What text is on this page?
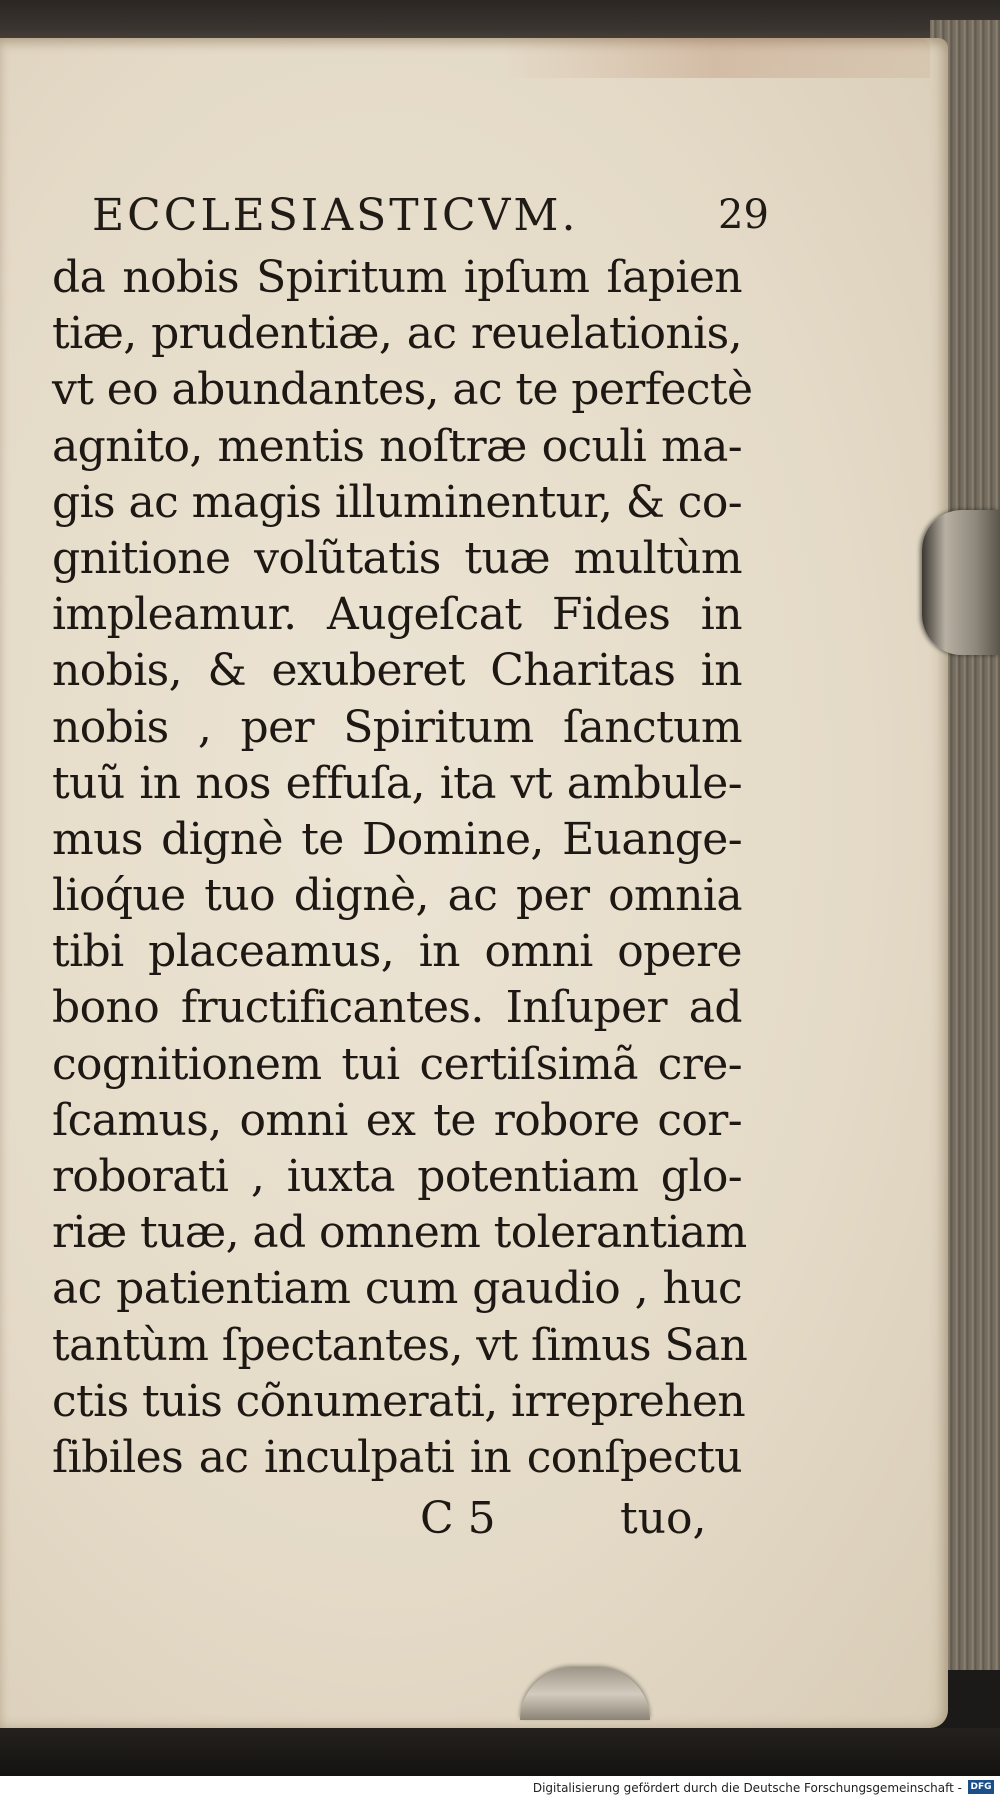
ECCLESIASTICVM.	29
da nobis Spiritum ipſum ſapien
tiæ, prudentiæ, ac reuelationis,
vt eo abundantes, ac te perfectè
agnito, mentis noſtræ oculi ma-
gis ac magis illuminentur, & co-
gnitione volũtatis tuæ multùm
impleamur. Augeſcat Fides in
nobis, & exuberet Charitas in
nobis , per Spiritum ſanctum
tuũ in nos effuſa, ita vt ambule-
mus dignè te Domine, Euange-
lioq́ue tuo dignè, ac per omnia
tibi placeamus, in omni opere
bono fructificantes. Inſuper ad
cognitionem tui certiſsimã cre-
ſcamus, omni ex te robore cor-
roborati , iuxta potentiam glo-
riæ tuæ, ad omnem tolerantiam
ac patientiam cum gaudio , huc
tantùm ſpectantes, vt ſimus San
ctis tuis cõnumerati, irreprehen
ſibiles ac inculpati in conſpectu
C 5	tuo,
Digitalisierung gefördert durch die Deutsche Forschungsgemeinschaft - DFG
